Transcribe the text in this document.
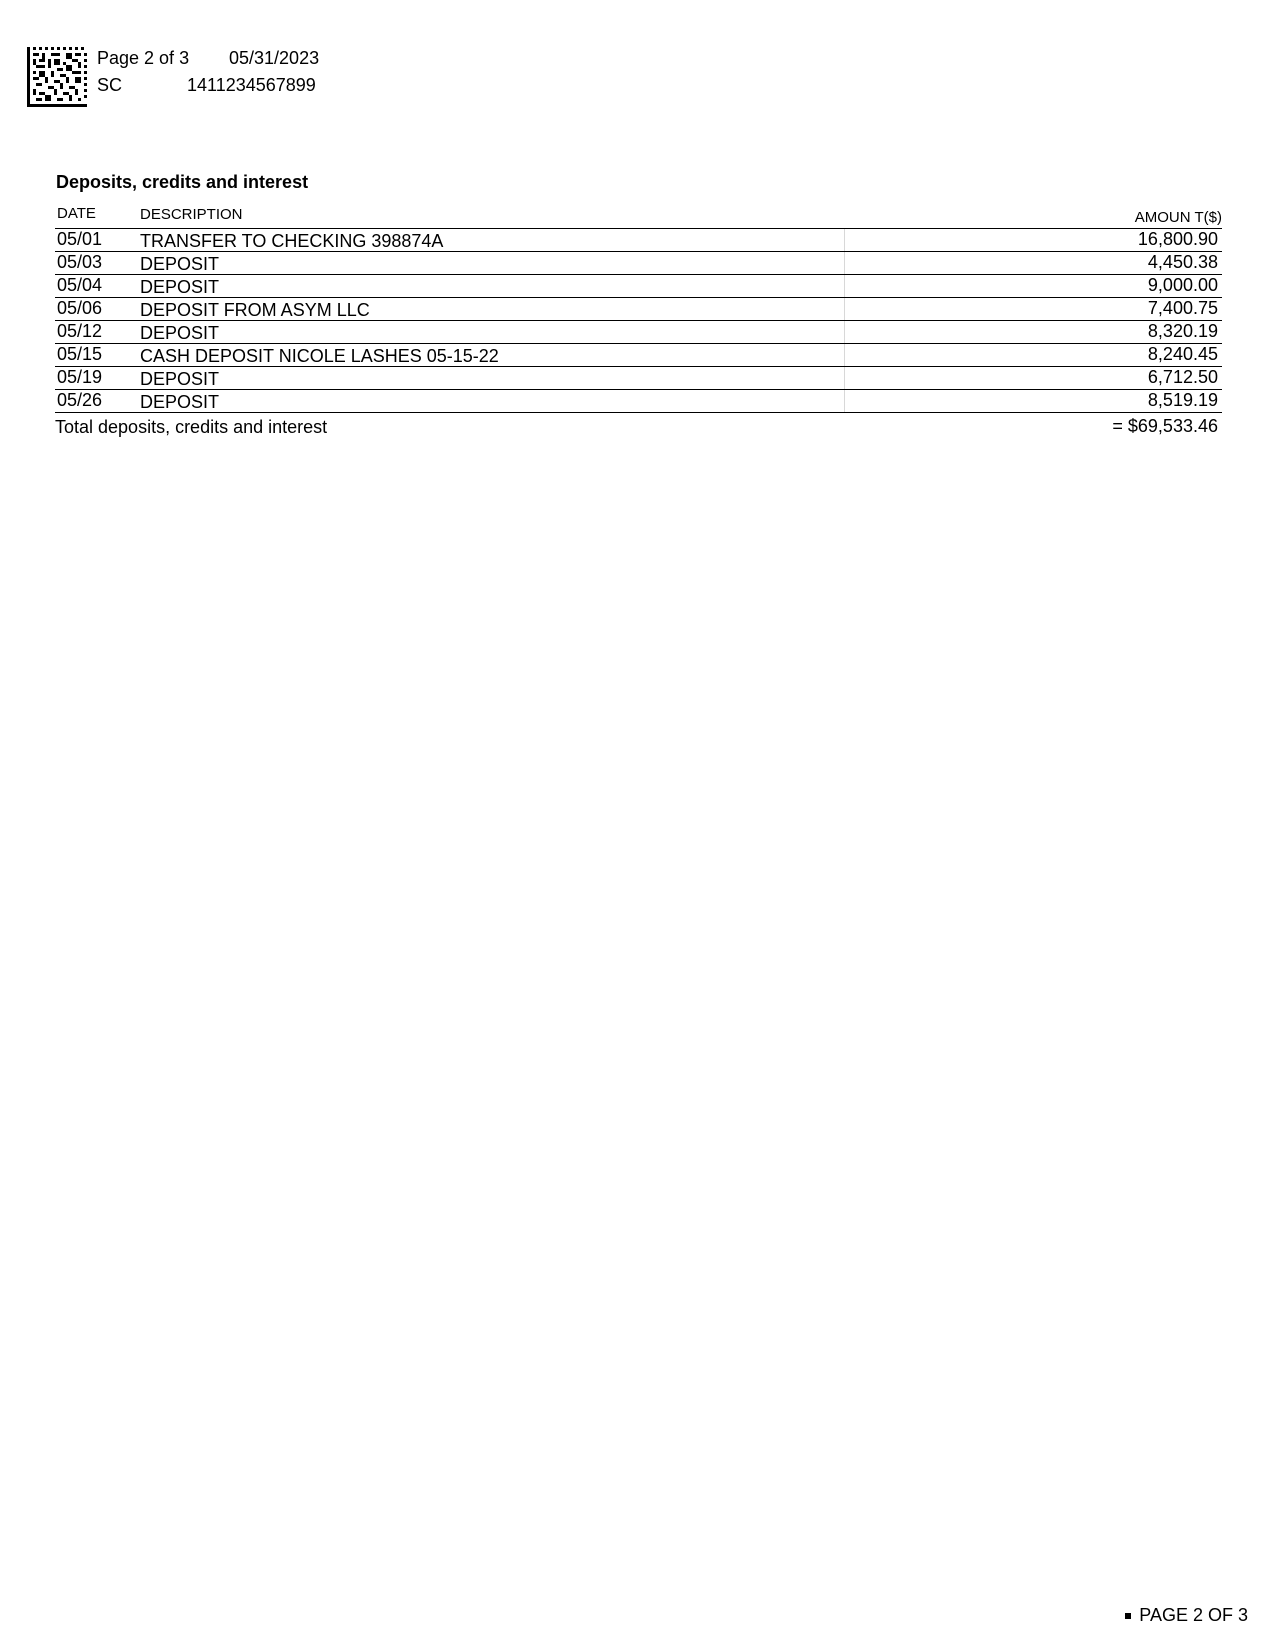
Page 2 of 3 05/31/2023
SC	1411234567899
Deposits, credits and interest
DATE	DESCRIPTION	AMOUN T($)
05/01 TRANSFER TO CHECKING 398874A	16,800.90
05/03 DEPOSIT	4,450.38
05/04 DEPOSIT	9,000.00
05/06 DEPOSIT FROM ASYM LLC	7,400.75
05/12 DEPOSIT	8,320.19
05/15 CASH DEPOSIT NICOLE LASHES 05-15-22	8,240.45
05/19 DEPOSIT	6,712.50
05/26 DEPOSIT	8,519.19
Total deposits, credits and interest	= $69,533.46
PAGE 2 OF 3
